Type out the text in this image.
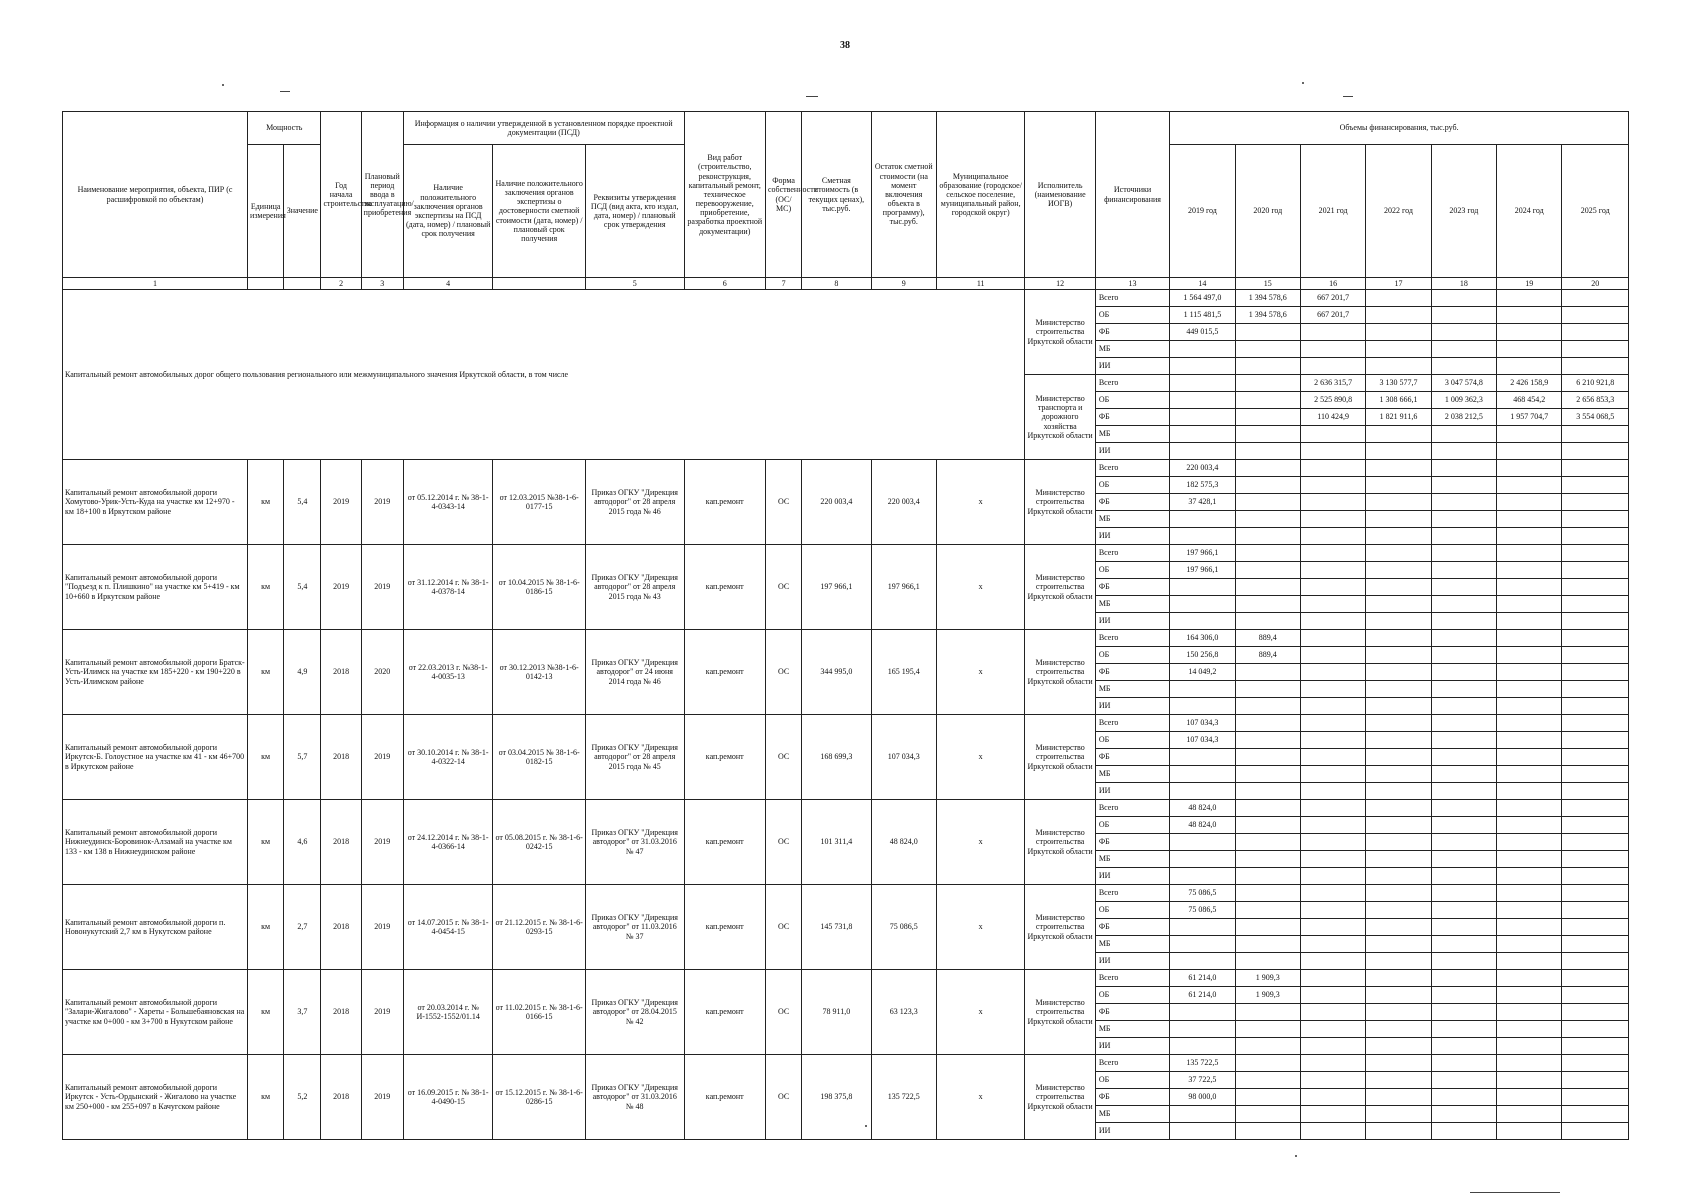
38
Наименование мероприятия, объекта, ПИР (с расшифровкой по объектам)	Мощность		Год начала строительства	Плановый период ввода в эксплуатацию/приобретения	Информация о наличии утвержденной в установленном порядке проектной документации (ПСД)			Вид работ (строительство, реконструкция, капитальный ремонт, техническое перевооружение, приобретение, разработка проектной документации)	Форма собственности (ОС/ МС)	Сметная стоимость (в текущих ценах), тыс.руб.	Остаток сметной стоимости (на момент включения объекта в программу), тыс.руб.	Муниципальное образование (городское/сельское поселение, муниципальный район, городской округ)	Исполнитель (наименование ИОГВ)	Источники финансирования	Объемы финансирования, тыс.руб.						
	Единица измерения	Значение			Наличие положительного заключения органов экспертизы на ПСД (дата, номер) / плановый срок получения	Наличие положительного заключения органов экспертизы о достоверности сметной стоимости (дата, номер) / плановый срок получения	Реквизиты утверждения ПСД (вид акта, кто издал, дата, номер) / плановый срок утверждения								2019 год	2020 год	2021 год	2022 год	2023 год	2024 год	2025 год
1			2	3	4		5	6	7	8	9	11	12	13	14	15	16	17	18	19	20
Капитальный ремонт автомобильных дорог общего пользования регионального или межмуниципального значения Иркутской области, в том числе													Министерство строительства Иркутской области	Всего	1 564 497,0	1 394 578,6	667 201,7				
														ОБ	1 115 481,5	1 394 578,6	667 201,7				
														ФБ	449 015,5						
														МБ							
														ИИ							
													Министерство транспорта и дорожного хозяйства Иркутской области	Всего			2 636 315,7	3 130 577,7	3 047 574,8	2 426 158,9	6 210 921,8
														ОБ			2 525 890,8	1 308 666,1	1 009 362,3	468 454,2	2 656 853,3
														ФБ			110 424,9	1 821 911,6	2 038 212,5	1 957 704,7	3 554 068,5
														МБ							
														ИИ							
Капитальный ремонт автомобильной дороги Хомутово-Урик-Усть-Куда на участке км 12+970 - км 18+100 в Иркутском районе	км	5,4	2019	2019	от 05.12.2014 г. № 38-1-4-0343-14	от 12.03.2015 №38-1-6-0177-15	Приказ ОГКУ "Дирекция автодорог" от 28 апреля 2015 года № 46	кап.ремонт	ОС	220 003,4	220 003,4	х	Министерство строительства Иркутской области	Всего	220 003,4						
														ОБ	182 575,3						
														ФБ	37 428,1						
														МБ							
														ИИ							
Капитальный ремонт автомобильной дороги "Подъезд к п. Плишкино" на участке км 5+419 - км 10+660 в Иркутском районе	км	5,4	2019	2019	от 31.12.2014 г. № 38-1-4-0378-14	от 10.04.2015 № 38-1-6-0186-15	Приказ ОГКУ "Дирекция автодорог" от 28 апреля 2015 года № 43	кап.ремонт	ОС	197 966,1	197 966,1	х	Министерство строительства Иркутской области	Всего	197 966,1						
														ОБ	197 966,1						
														ФБ							
														МБ							
														ИИ							
Капитальный ремонт автомобильной дороги Братск-Усть-Илимск на участке км 185+220 - км 190+220 в Усть-Илимском районе	км	4,9	2018	2020	от 22.03.2013 г. №38-1-4-0035-13	от 30.12.2013 №38-1-6-0142-13	Приказ ОГКУ "Дирекция автодорог" от 24 июня 2014 года № 46	кап.ремонт	ОС	344 995,0	165 195,4	х	Министерство строительства Иркутской области	Всего	164 306,0	889,4					
														ОБ	150 256,8	889,4					
														ФБ	14 049,2						
														МБ							
														ИИ							
Капитальный ремонт автомобильной дороги Иркутск-Б. Голоустное на участке км 41 - км 46+700 в Иркутском районе	км	5,7	2018	2019	от 30.10.2014 г. № 38-1-4-0322-14	от 03.04.2015 № 38-1-6-0182-15	Приказ ОГКУ "Дирекция автодорог" от 28 апреля 2015 года № 45	кап.ремонт	ОС	168 699,3	107 034,3	х	Министерство строительства Иркутской области	Всего	107 034,3						
														ОБ	107 034,3						
														ФБ							
														МБ							
														ИИ							
Капитальный ремонт автомобильной дороги Нижнеудинск-Боровинок-Алзамай на участке км 133 - км 138 в Нижнеудинском районе	км	4,6	2018	2019	от 24.12.2014 г. № 38-1-4-0366-14	от 05.08.2015 г. № 38-1-6-0242-15	Приказ ОГКУ "Дирекция автодорог" от 31.03.2016 № 47	кап.ремонт	ОС	101 311,4	48 824,0	х	Министерство строительства Иркутской области	Всего	48 824,0						
														ОБ	48 824,0						
														ФБ							
														МБ							
														ИИ							
Капитальный ремонт автомобильной дороги п. Новонукутский 2,7 км в Нукутском районе	км	2,7	2018	2019	от 14.07.2015 г. № 38-1-4-0454-15	от 21.12.2015 г. № 38-1-6-0293-15	Приказ ОГКУ "Дирекция автодорог" от 11.03.2016 № 37	кап.ремонт	ОС	145 731,8	75 086,5	х	Министерство строительства Иркутской области	Всего	75 086,5						
														ОБ	75 086,5						
														ФБ							
														МБ							
														ИИ							
Капитальный ремонт автомобильной дороги "Залари-Жигалово" - Хареты - Большебаяновская на участке км 0+000 - км 3+700 в Нукутском районе	км	3,7	2018	2019	от 20.03.2014 г. № И-1552-1552/01.14	от 11.02.2015 г. № 38-1-6-0166-15	Приказ ОГКУ "Дирекция автодорог" от 28.04.2015 № 42	кап.ремонт	ОС	78 911,0	63 123,3	х	Министерство строительства Иркутской области	Всего	61 214,0	1 909,3					
														ОБ	61 214,0	1 909,3					
														ФБ							
														МБ							
														ИИ							
Капитальный ремонт автомобильной дороги Иркутск - Усть-Ордынский - Жигалово на участке км 250+000 - км 255+097 в Качугском районе	км	5,2	2018	2019	от 16.09.2015 г. № 38-1-4-0490-15	от 15.12.2015 г. № 38-1-6-0286-15	Приказ ОГКУ "Дирекция автодорог" от 31.03.2016 № 48	кап.ремонт	ОС	198 375,8	135 722,5	х	Министерство строительства Иркутской области	Всего	135 722,5						
														ОБ	37 722,5						
														ФБ	98 000,0						
														МБ							
														ИИ							
